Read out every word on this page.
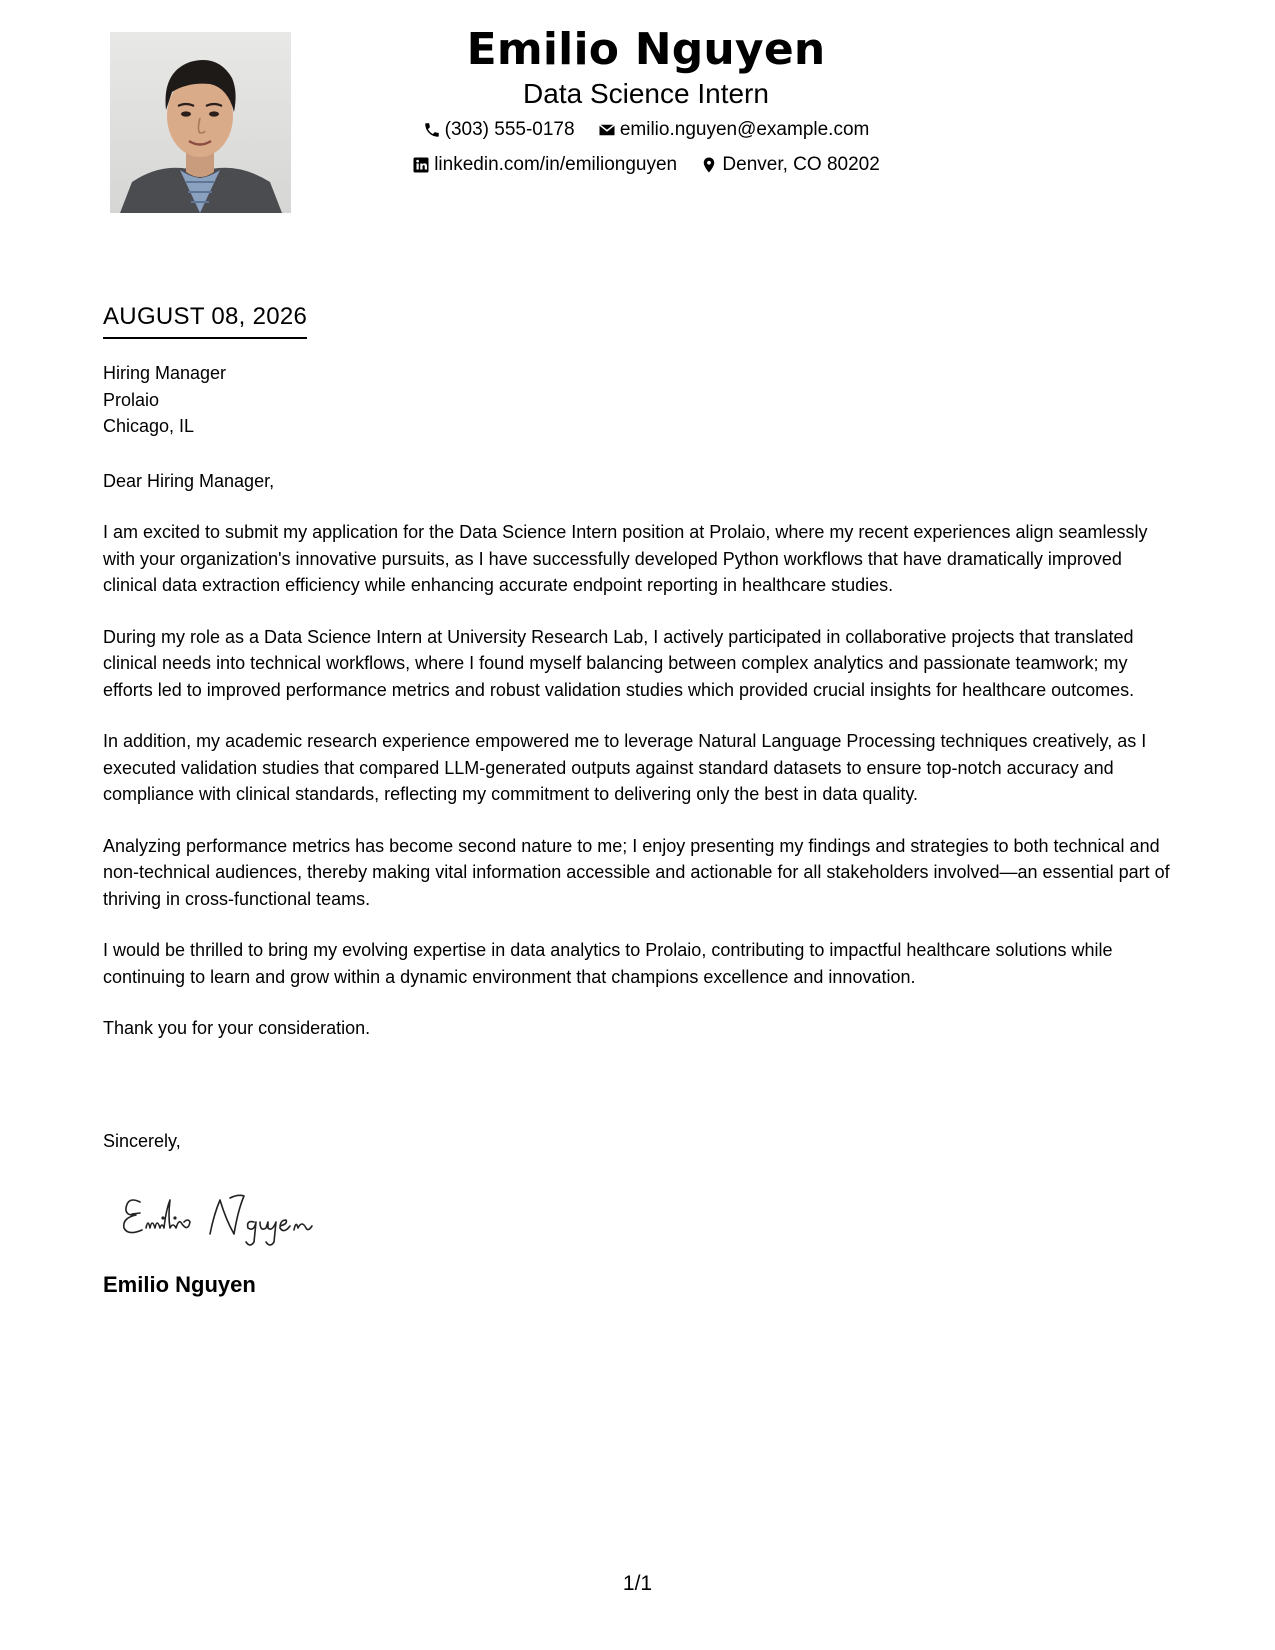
Emilio Nguyen
Data Science Intern
(303) 555-0178
emilio.nguyen@example.com
linkedin.com/in/emilionguyen
Denver, CO 80202
AUGUST 08, 2026
Hiring Manager
Prolaio
Chicago, IL
Dear Hiring Manager,

I am excited to submit my application for the Data Science Intern position at Prolaio, where my recent experiences align seamlessly with your organization's innovative pursuits, as I have successfully developed Python workflows that have dramatically improved clinical data extraction efficiency while enhancing accurate endpoint reporting in healthcare studies.

During my role as a Data Science Intern at University Research Lab, I actively participated in collaborative projects that translated clinical needs into technical workflows, where I found myself balancing between complex analytics and passionate teamwork; my efforts led to improved performance metrics and robust validation studies which provided crucial insights for healthcare outcomes.

In addition, my academic research experience empowered me to leverage Natural Language Processing techniques creatively, as I executed validation studies that compared LLM-generated outputs against standard datasets to ensure top-notch accuracy and compliance with clinical standards, reflecting my commitment to delivering only the best in data quality.

Analyzing performance metrics has become second nature to me; I enjoy presenting my findings and strategies to both technical and non-technical audiences, thereby making vital information accessible and actionable for all stakeholders involved—an essential part of thriving in cross-functional teams.

I would be thrilled to bring my evolving expertise in data analytics to Prolaio, contributing to impactful healthcare solutions while continuing to learn and grow within a dynamic environment that champions excellence and innovation.

Thank you for your consideration.

Sincerely,
Emilio Nguyen
1/1
